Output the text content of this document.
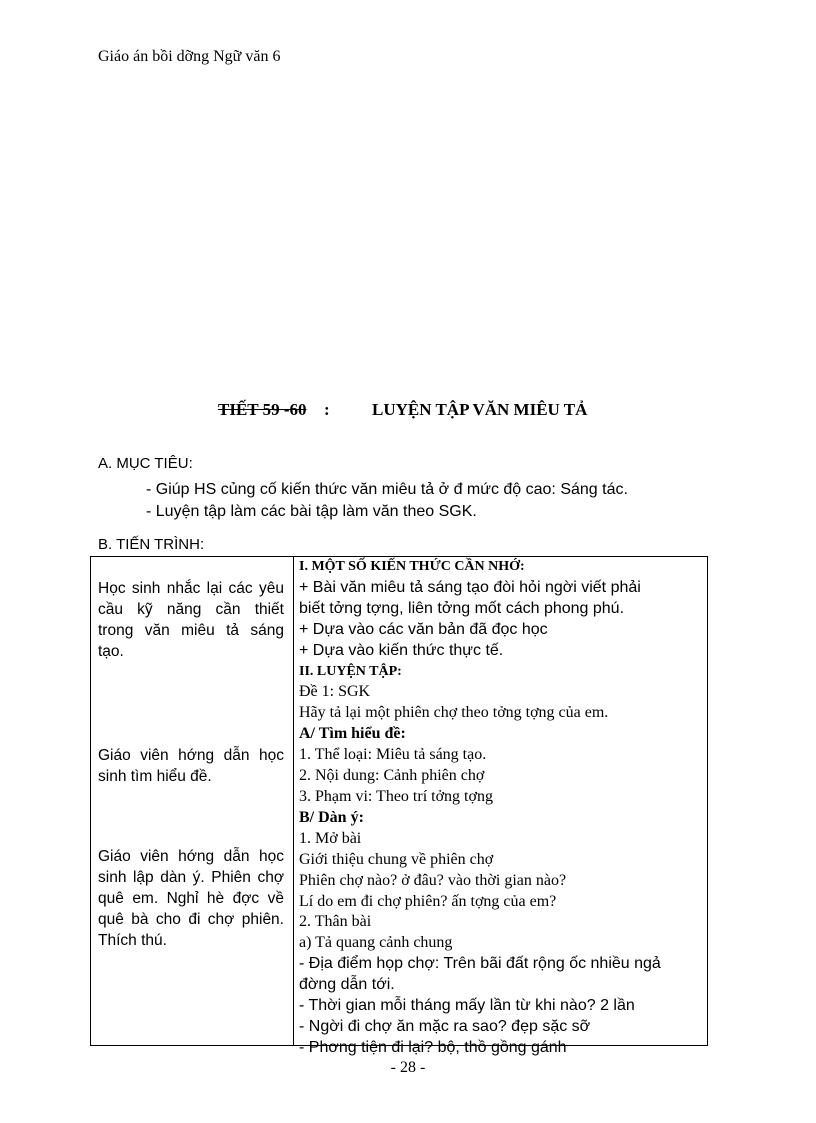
Giáo án bồi dỡng Ngữ văn 6
TIẾT 59 -60 : LUYỆN TẬP VĂN MIÊU TẢ
A. MỤC TIÊU:
- Giúp HS củng cố kiến thức văn miêu tả ở đ mức độ cao: Sáng tác.
- Luyện tập làm các bài tập làm văn theo SGK.
B. TIẾN TRÌNH:
Học sinh nhắc lại các yêu cầu kỹ năng cần thiết trong văn miêu tả sáng tạo.
Giáo viên hớng dẫn học sinh tìm hiểu đề.
Giáo viên hớng dẫn học sinh lập dàn ý. Phiên chợ quê em. Nghỉ hè đợc về quê bà cho đi chợ phiên. Thích thú.
I. MỘT SỐ KIẾN THỨC CẦN NHỚ:
+ Bài văn miêu tả sáng tạo đòi hỏi ngời viết phải
biết tởng tợng, liên tởng mốt cách phong phú.
+ Dựa vào các văn bản đã đọc học
+ Dựa vào kiến thức thực tế.
II. LUYỆN TẬP:
Đề 1: SGK
Hãy tả lại một phiên chợ theo tởng tợng của em.
A/ Tìm hiểu đề:
1. Thể loại: Miêu tả sáng tạo.
2. Nội dung: Cảnh phiên chợ
3. Phạm vi: Theo trí tởng tợng
B/ Dàn ý:
1. Mở bài
Giới thiệu chung về phiên chợ
Phiên chợ nào? ở đâu? vào thời gian nào?
Lí do em đi chợ phiên? ấn tợng của em?
2. Thân bài
a) Tả quang cảnh chung
- Địa điểm họp chợ: Trên bãi đất rộng ốc nhiều ngả
đờng dẫn tới.
- Thời gian mỗi tháng mấy lần từ khi nào? 2 lần
- Ngời đi chợ ăn mặc ra sao? đẹp sặc sỡ
- Phơng tiện đi lại? bộ, thồ gồng gánh
- 28 -
